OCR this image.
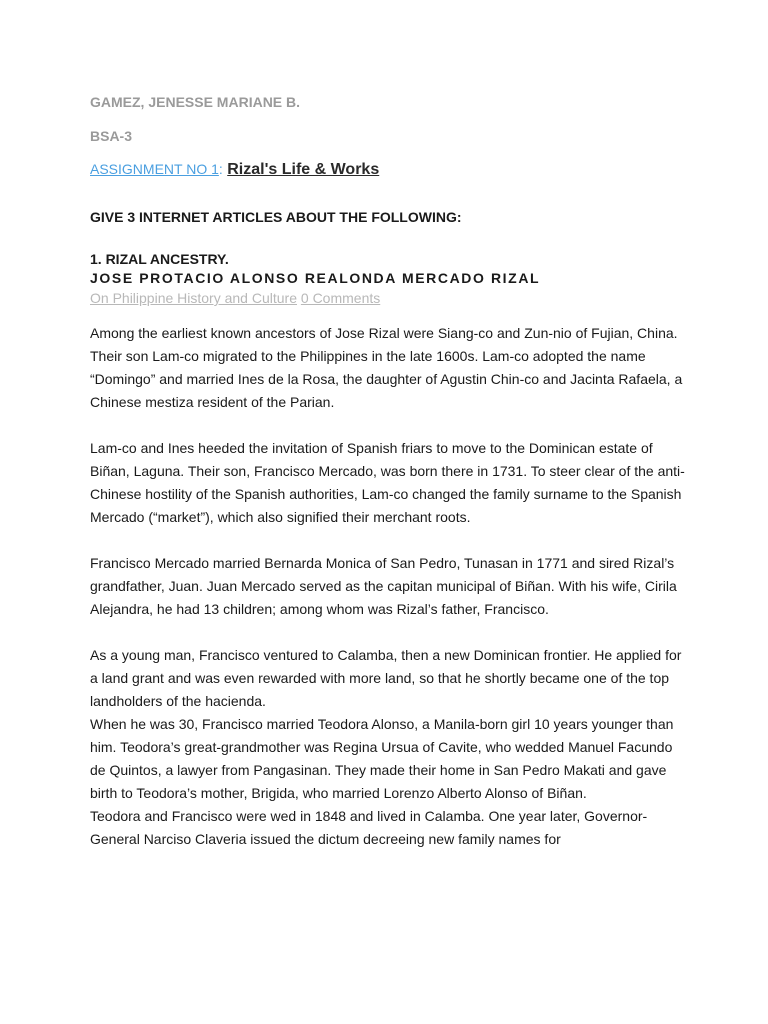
GAMEZ, JENESSE MARIANE B.

BSA-3

ASSIGNMENT NO 1: Rizal's Life & Works

GIVE 3 INTERNET ARTICLES ABOUT THE FOLLOWING:

1. RIZAL ANCESTRY.

JOSE PROTACIO ALONSO REALONDA MERCADO RIZAL

On Philippine History and Culture 0 Comments

Among the earliest known ancestors of Jose Rizal were Siang-co and Zun-nio of Fujian, China. Their son Lam-co migrated to the Philippines in the late 1600s. Lam-co adopted the name “Domingo” and married Ines de la Rosa, the daughter of Agustin Chin-co and Jacinta Rafaela, a Chinese mestiza resident of the Parian.

Lam-co and Ines heeded the invitation of Spanish friars to move to the Dominican estate of Biñan, Laguna. Their son, Francisco Mercado, was born there in 1731. To steer clear of the anti-Chinese hostility of the Spanish authorities, Lam-co changed the family surname to the Spanish Mercado (“market”), which also signified their merchant roots.

Francisco Mercado married Bernarda Monica of San Pedro, Tunasan in 1771 and sired Rizal’s grandfather, Juan. Juan Mercado served as the capitan municipal of Biñan. With his wife, Cirila Alejandra, he had 13 children; among whom was Rizal’s father, Francisco.

As a young man, Francisco ventured to Calamba, then a new Dominican frontier. He applied for a land grant and was even rewarded with more land, so that he shortly became one of the top landholders of the hacienda.

When he was 30, Francisco married Teodora Alonso, a Manila-born girl 10 years younger than him. Teodora’s great-grandmother was Regina Ursua of Cavite, who wedded Manuel Facundo de Quintos, a lawyer from Pangasinan. They made their home in San Pedro Makati and gave birth to Teodora’s mother, Brigida, who married Lorenzo Alberto Alonso of Biñan.

Teodora and Francisco were wed in 1848 and lived in Calamba. One year later, Governor-General Narciso Claveria issued the dictum decreeing new family names for
